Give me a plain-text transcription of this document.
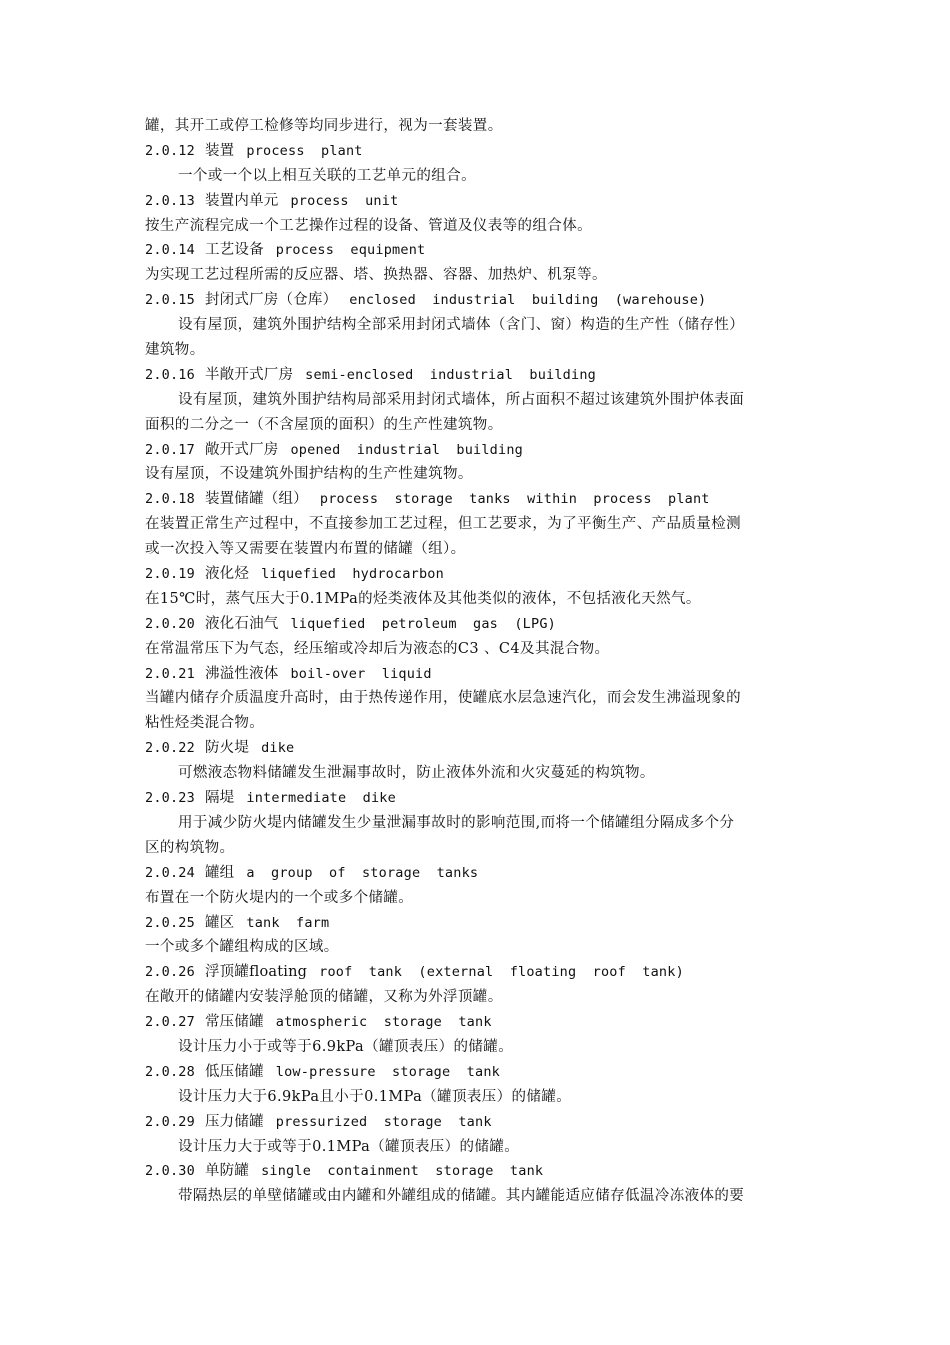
罐，其开工或停工检修等均同步进行，视为一套装置。
2.0.12 装置 process plant
一个或一个以上相互关联的工艺单元的组合。
2.0.13 装置内单元 process unit
按生产流程完成一个工艺操作过程的设备、管道及仪表等的组合体。
2.0.14 工艺设备 process equipment
为实现工艺过程所需的反应器、塔、换热器、容器、加热炉、机泵等。
2.0.15 封闭式厂房（仓库） enclosed industrial building (warehouse)
设有屋顶，建筑外围护结构全部采用封闭式墙体（含门、窗）构造的生产性（储存性）
建筑物。
2.0.16 半敞开式厂房 semi-enclosed industrial building
设有屋顶，建筑外围护结构局部采用封闭式墙体，所占面积不超过该建筑外围护体表面
面积的二分之一（不含屋顶的面积）的生产性建筑物。
2.0.17 敞开式厂房 opened industrial building
设有屋顶，不设建筑外围护结构的生产性建筑物。
2.0.18 装置储罐（组） process storage tanks within process plant
在装置正常生产过程中，不直接参加工艺过程，但工艺要求，为了平衡生产、产品质量检测
或一次投入等又需要在装置内布置的储罐（组）。
2.0.19 液化烃 liquefied hydrocarbon
在15℃时，蒸气压大于0.1MPa的烃类液体及其他类似的液体，不包括液化天然气。
2.0.20 液化石油气 liquefied petroleum gas (LPG)
在常温常压下为气态，经压缩或冷却后为液态的C3 、C4及其混合物。
2.0.21 沸溢性液体 boil-over liquid
当罐内储存介质温度升高时，由于热传递作用，使罐底水层急速汽化，而会发生沸溢现象的
粘性烃类混合物。
2.0.22 防火堤 dike
可燃液态物料储罐发生泄漏事故时，防止液体外流和火灾蔓延的构筑物。
2.0.23 隔堤 intermediate dike
用于减少防火堤内储罐发生少量泄漏事故时的影响范围,而将一个储罐组分隔成多个分
区的构筑物。
2.0.24 罐组 a group of storage tanks
布置在一个防火堤内的一个或多个储罐。
2.0.25 罐区 tank farm
一个或多个罐组构成的区域。
2.0.26 浮顶罐floating roof tank (external floating roof tank)
在敞开的储罐内安装浮舱顶的储罐，又称为外浮顶罐。
2.0.27 常压储罐 atmospheric storage tank
设计压力小于或等于6.9kPa（罐顶表压）的储罐。
2.0.28 低压储罐 low-pressure storage tank
设计压力大于6.9kPa且小于0.1MPa（罐顶表压）的储罐。
2.0.29 压力储罐 pressurized storage tank
设计压力大于或等于0.1MPa（罐顶表压）的储罐。
2.0.30 单防罐 single containment storage tank
带隔热层的单壁储罐或由内罐和外罐组成的储罐。其内罐能适应储存低温冷冻液体的要
